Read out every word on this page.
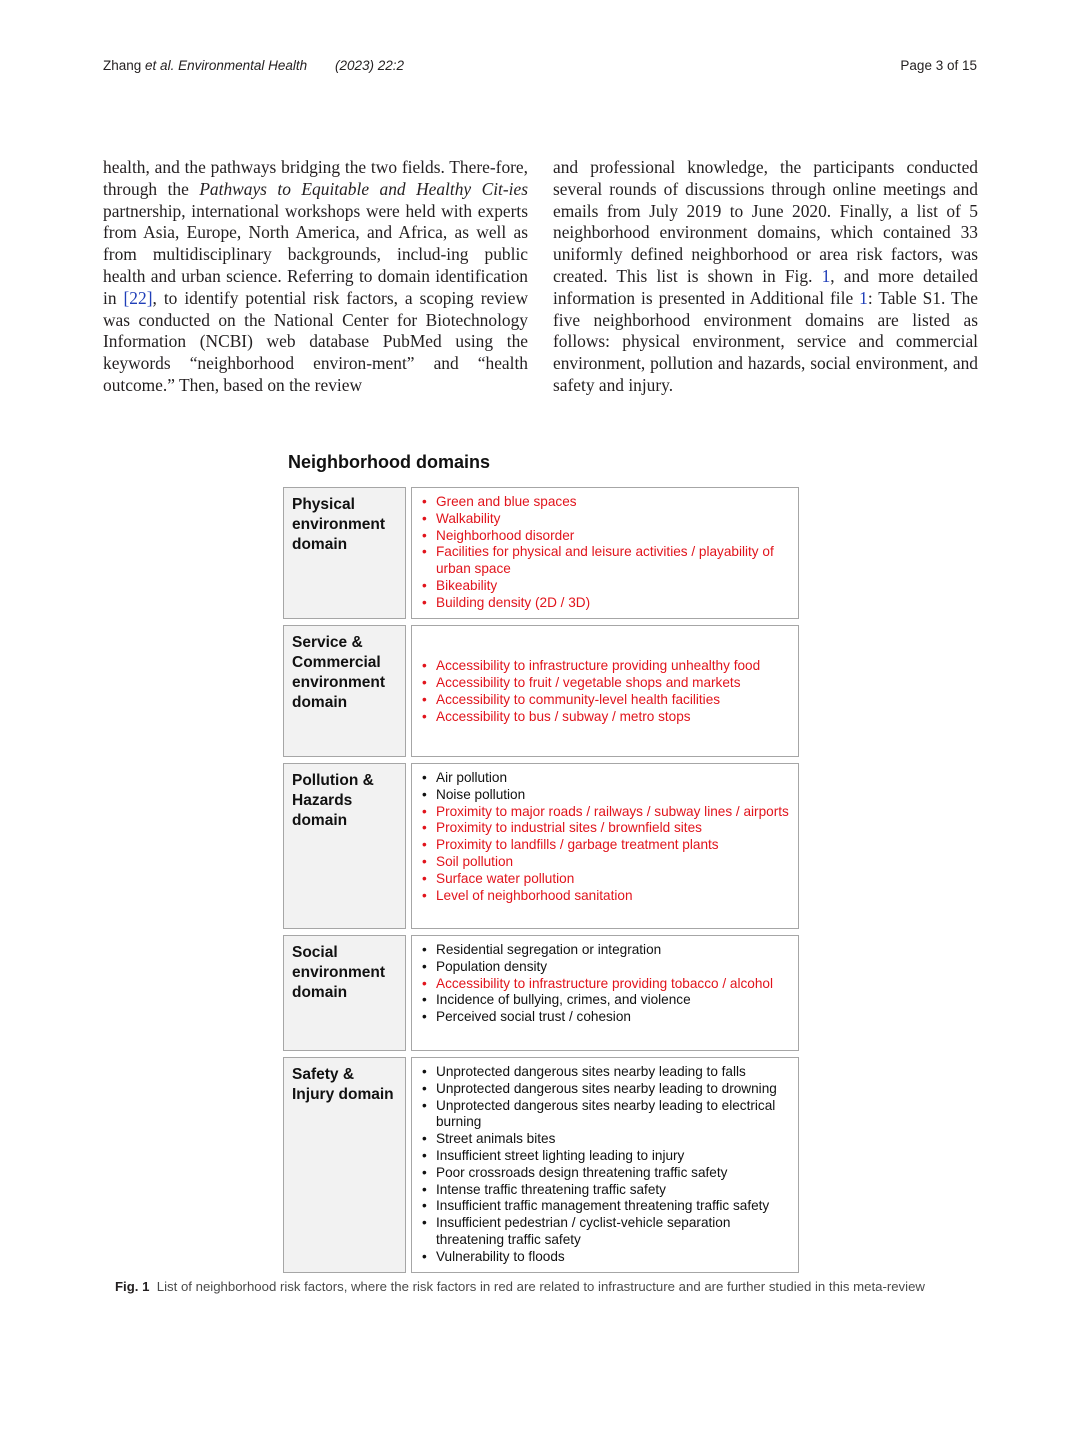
Zhang et al. Environmental Health (2023) 22:2	Page 3 of 15

health, and the pathways bridging the two fields. There-fore, through the Pathways to Equitable and Healthy Cit-ies partnership, international workshops were held with experts from Asia, Europe, North America, and Africa, as well as from multidisciplinary backgrounds, includ-ing public health and urban science. Referring to domain identification in [22], to identify potential risk factors, a scoping review was conducted on the National Center for Biotechnology Information (NCBI) web database PubMed using the keywords “neighborhood environ-ment” and “health outcome.” Then, based on the review

and professional knowledge, the participants conducted several rounds of discussions through online meetings and emails from July 2019 to June 2020. Finally, a list of 5 neighborhood environment domains, which contained 33 uniformly defined neighborhood or area risk factors, was created. This list is shown in Fig. 1, and more detailed information is presented in Additional file 1: Table S1. The five neighborhood environment domains are listed as follows: physical environment, service and commercial environment, pollution and hazards, social environment, and safety and injury.

Neighborhood domains
Physical environment domain
• Green and blue spaces
• Walkability
• Neighborhood disorder
• Facilities for physical and leisure activities / playability of urban space
• Bikeability
• Building density (2D / 3D)
Service & Commercial environment domain
• Accessibility to infrastructure providing unhealthy food
• Accessibility to fruit / vegetable shops and markets
• Accessibility to community-level health facilities
• Accessibility to bus / subway / metro stops
Pollution & Hazards domain
• Air pollution
• Noise pollution
• Proximity to major roads / railways / subway lines / airports
• Proximity to industrial sites / brownfield sites
• Proximity to landfills / garbage treatment plants
• Soil pollution
• Surface water pollution
• Level of neighborhood sanitation
Social environment domain
• Residential segregation or integration
• Population density
• Accessibility to infrastructure providing tobacco / alcohol
• Incidence of bullying, crimes, and violence
• Perceived social trust / cohesion
Safety & Injury domain
• Unprotected dangerous sites nearby leading to falls
• Unprotected dangerous sites nearby leading to drowning
• Unprotected dangerous sites nearby leading to electrical burning
• Street animals bites
• Insufficient street lighting leading to injury
• Poor crossroads design threatening traffic safety
• Intense traffic threatening traffic safety
• Insufficient traffic management threatening traffic safety
• Insufficient pedestrian / cyclist-vehicle separation threatening traffic safety
• Vulnerability to floods
Fig. 1 List of neighborhood risk factors, where the risk factors in red are related to infrastructure and are further studied in this meta-review
